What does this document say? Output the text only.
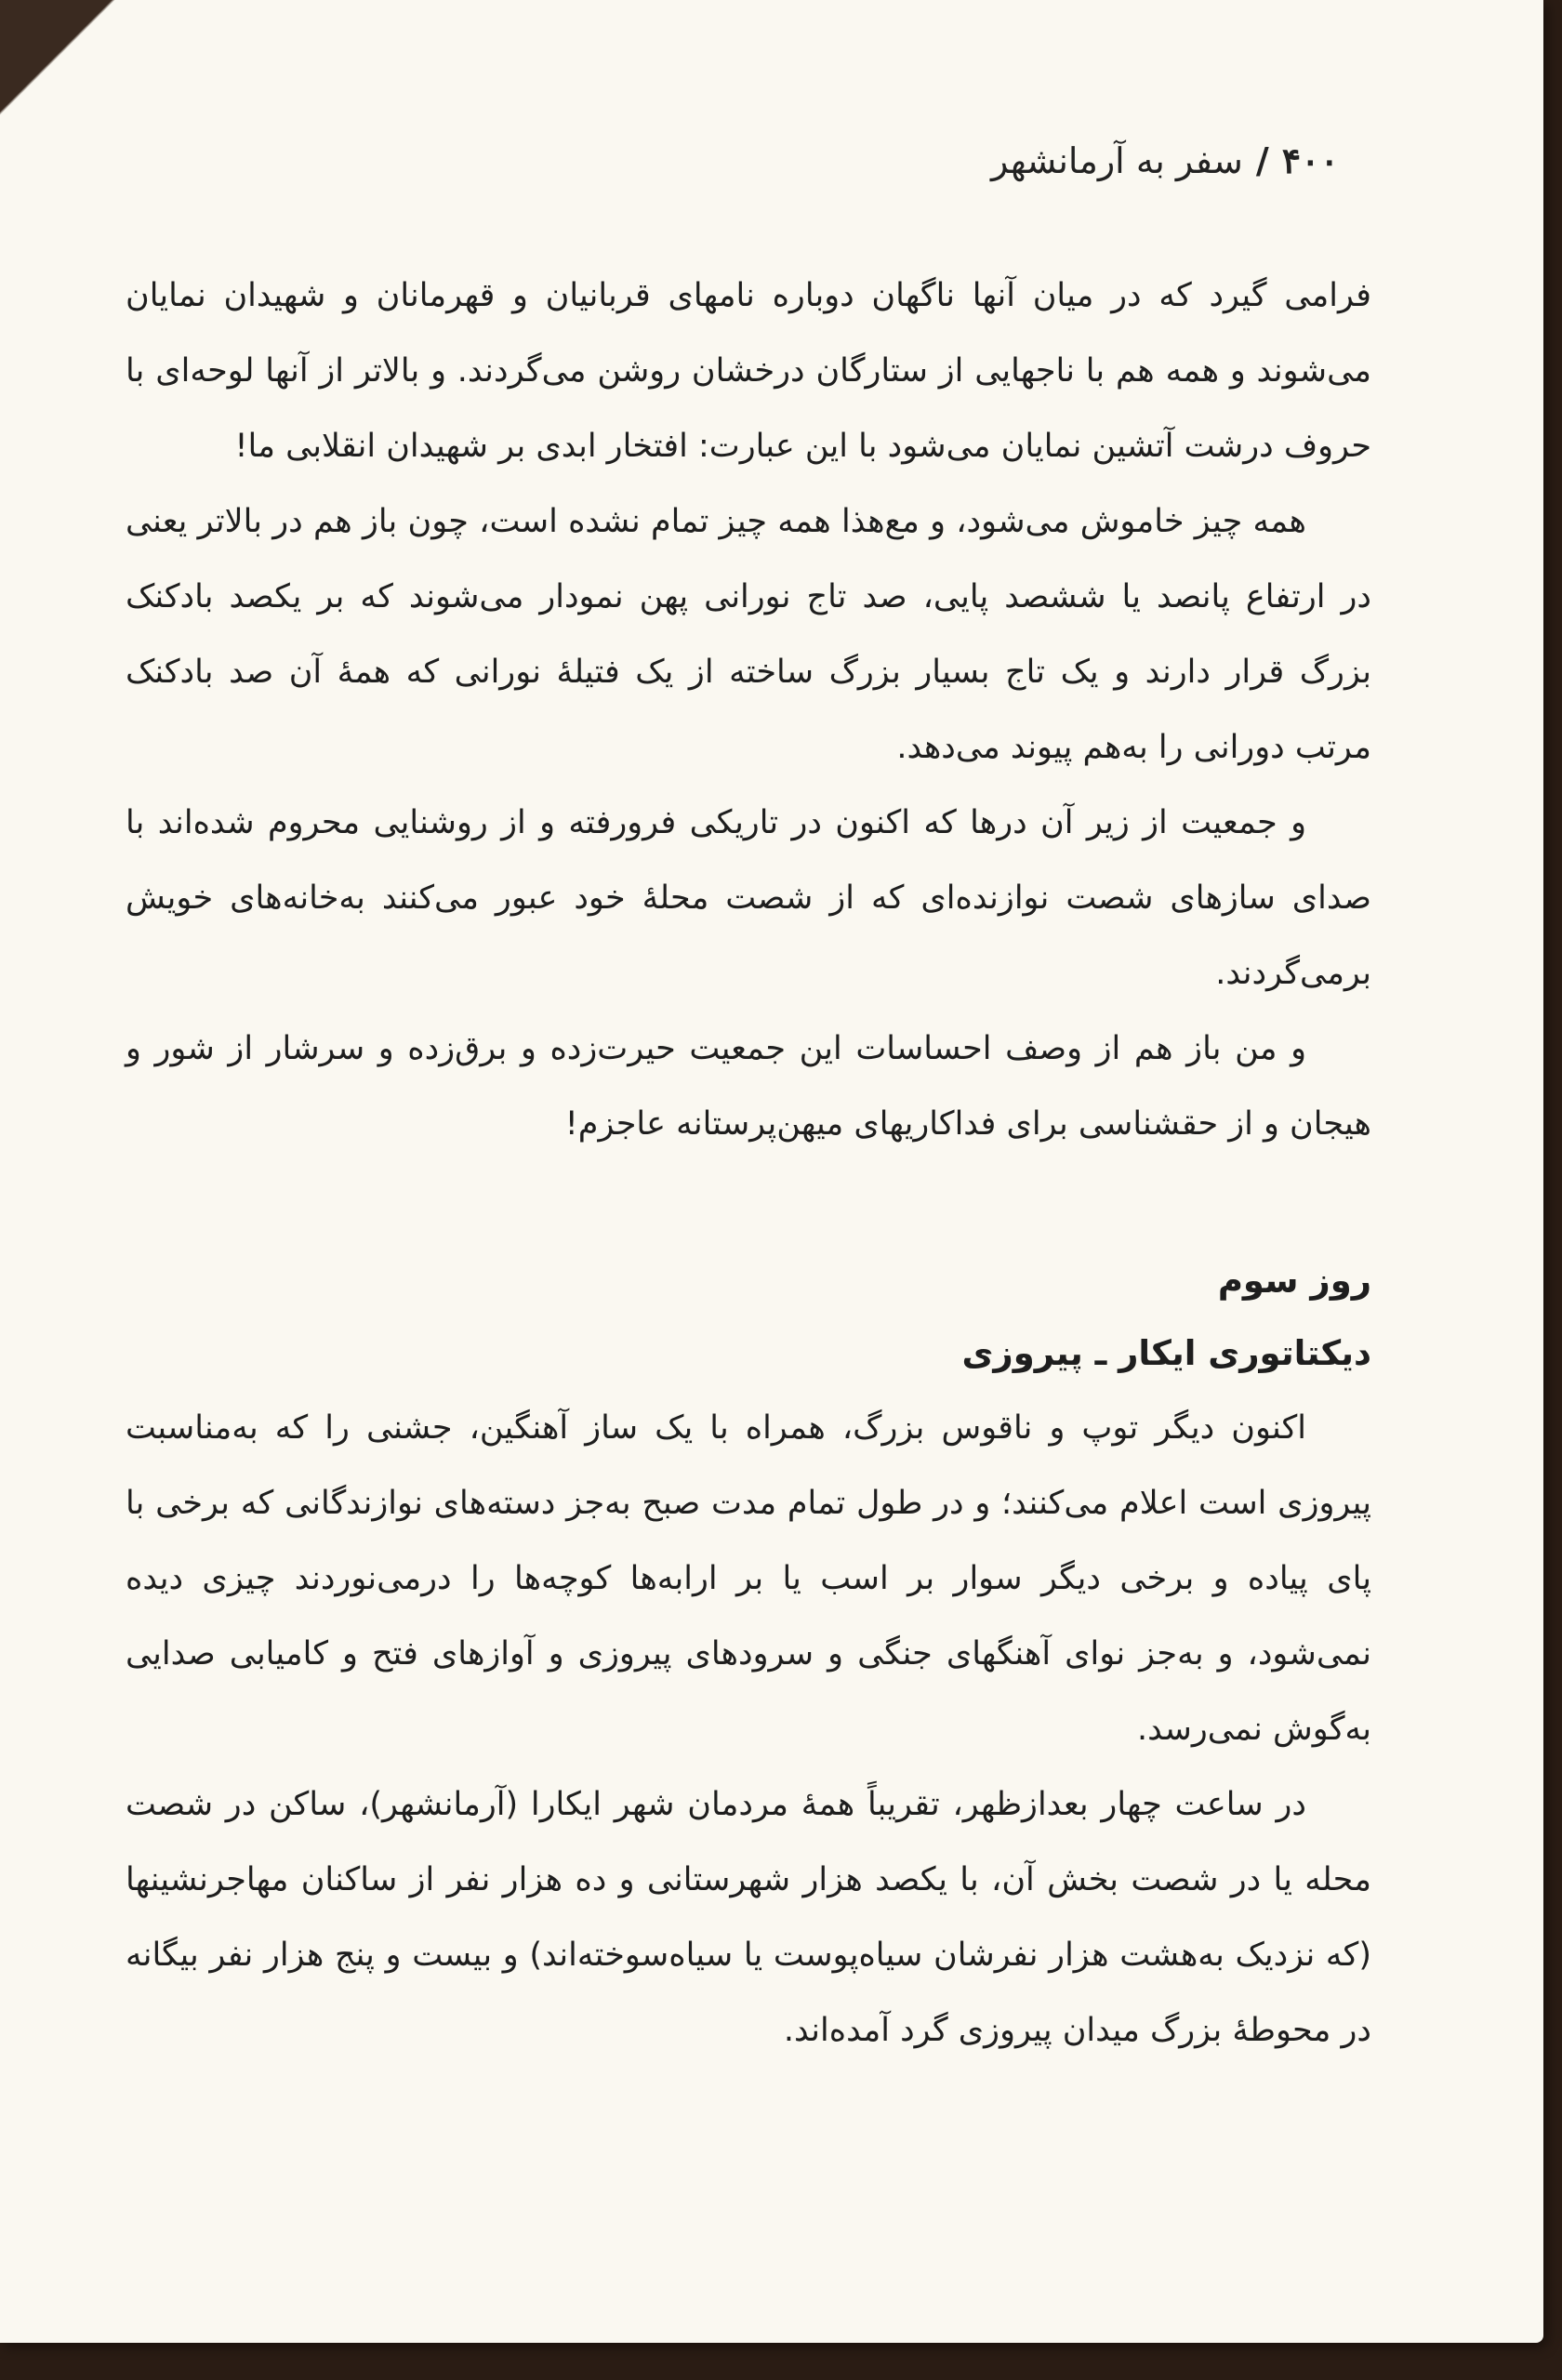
۴۰۰
/
سفر به آرمانشهر

فرامی گیرد که در میان آنها ناگهان دوباره نامهای قربانیان و قهرمانان و شهیدان نمایان می‌شوند و همه هم با ناجهایی از ستارگان درخشان روشن می‌گردند. و بالاتر از آنها لوحه‌ای با حروف درشت آتشین نمایان می‌شود با این عبارت: افتخار ابدی بر شهیدان انقلابی ما!

همه چیز خاموش می‌شود، و مع‌هذا همه چیز تمام نشده است، چون باز هم در بالاتر یعنی در ارتفاع پانصد یا ششصد پایی، صد تاج نورانی پهن نمودار می‌شوند که بر یکصد بادکنک بزرگ قرار دارند و یک تاج بسیار بزرگ ساخته از یک فتیلهٔ نورانی که همهٔ آن صد بادکنک مرتب دورانی را به‌هم پیوند می‌دهد.

و جمعیت از زیر آن درها که اکنون در تاریکی فرورفته و از روشنایی محروم شده‌اند با صدای سازهای شصت نوازنده‌ای که از شصت محلهٔ خود عبور می‌کنند به‌خانه‌های خویش برمی‌گردند.

و من باز هم از وصف احساسات این جمعیت حیرت‌زده و برق‌زده و سرشار از شور و هیجان و از حقشناسی برای فداکاریهای میهن‌پرستانه عاجزم!

روز سوم
دیکتاتوری ایکار ـ پیروزی

اکنون دیگر توپ و ناقوس بزرگ، همراه با یک ساز آهنگین، جشنی را که به‌مناسبت پیروزی است اعلام می‌کنند؛ و در طول تمام مدت صبح به‌جز دسته‌های نوازندگانی که برخی با پای پیاده و برخی دیگر سوار بر اسب یا بر ارابه‌ها کوچه‌ها را درمی‌نوردند چیزی دیده نمی‌شود، و به‌جز نوای آهنگهای جنگی و سرودهای پیروزی و آوازهای فتح و کامیابی صدایی به‌گوش نمی‌رسد.

در ساعت چهار بعدازظهر، تقریباً همهٔ مردمان شهر ایکارا (آرمانشهر)، ساکن در شصت محله یا در شصت بخش آن، با یکصد هزار شهرستانی و ده هزار نفر از ساکنان مهاجرنشینها (که نزدیک به‌هشت هزار نفرشان سیاه‌پوست یا سیاه‌سوخته‌اند) و بیست و پنج هزار نفر بیگانه در محوطهٔ بزرگ میدان پیروزی گرد آمده‌اند.
